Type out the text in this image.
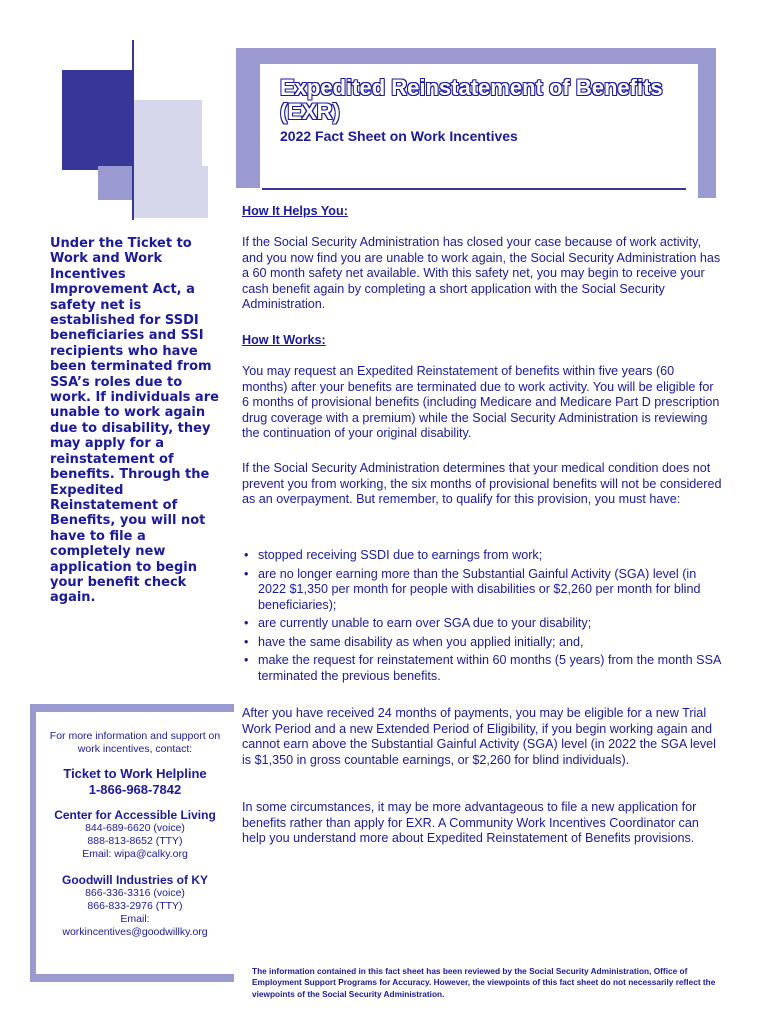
Expedited Reinstatement of Benefits (EXR)
2022 Fact Sheet on Work Incentives
Under the Ticket to Work and Work Incentives Improvement Act, a safety net is established for SSDI beneficiaries and SSI recipients who have been terminated from SSA’s roles due to work. If individuals are unable to work again due to disability, they may apply for a reinstatement of benefits. Through the Expedited Reinstatement of Benefits, you will not have to file a completely new application to begin your benefit check again.
For more information and support on work incentives, contact:
Ticket to Work Helpline
1-866-968-7842
Center for Accessible Living
844-689-6620 (voice)
888-813-8652 (TTY)
Email: wipa@calky.org
Goodwill Industries of KY
866-336-3316 (voice)
866-833-2976 (TTY)
Email:
workincentives@goodwillky.org
How It Helps You:
If the Social Security Administration has closed your case because of work activity, and you now find you are unable to work again, the Social Security Administration has a 60 month safety net available. With this safety net, you may begin to receive your cash benefit again by completing a short application with the Social Security Administration.
How It Works:
You may request an Expedited Reinstatement of benefits within five years (60 months) after your benefits are terminated due to work activity. You will be eligible for 6 months of provisional benefits (including Medicare and Medicare Part D prescription drug coverage with a premium) while the Social Security Administration is reviewing the continuation of your original disability.
If the Social Security Administration determines that your medical condition does not prevent you from working, the six months of provisional benefits will not be considered as an overpayment. But remember, to qualify for this provision, you must have:
• stopped receiving SSDI due to earnings from work;
• are no longer earning more than the Substantial Gainful Activity (SGA) level (in 2022 $1,350 per month for people with disabilities or $2,260 per month for blind beneficiaries);
• are currently unable to earn over SGA due to your disability;
• have the same disability as when you applied initially; and,
• make the request for reinstatement within 60 months (5 years) from the month SSA terminated the previous benefits.
After you have received 24 months of payments, you may be eligible for a new Trial Work Period and a new Extended Period of Eligibility, if you begin working again and cannot earn above the Substantial Gainful Activity (SGA) level (in 2022 the SGA level is $1,350 in gross countable earnings, or $2,260 for blind individuals).
In some circumstances, it may be more advantageous to file a new application for benefits rather than apply for EXR. A Community Work Incentives Coordinator can help you understand more about Expedited Reinstatement of Benefits provisions.
The information contained in this fact sheet has been reviewed by the Social Security Administration, Office of Employment Support Programs for Accuracy. However, the viewpoints of this fact sheet do not necessarily reflect the viewpoints of the Social Security Administration.
